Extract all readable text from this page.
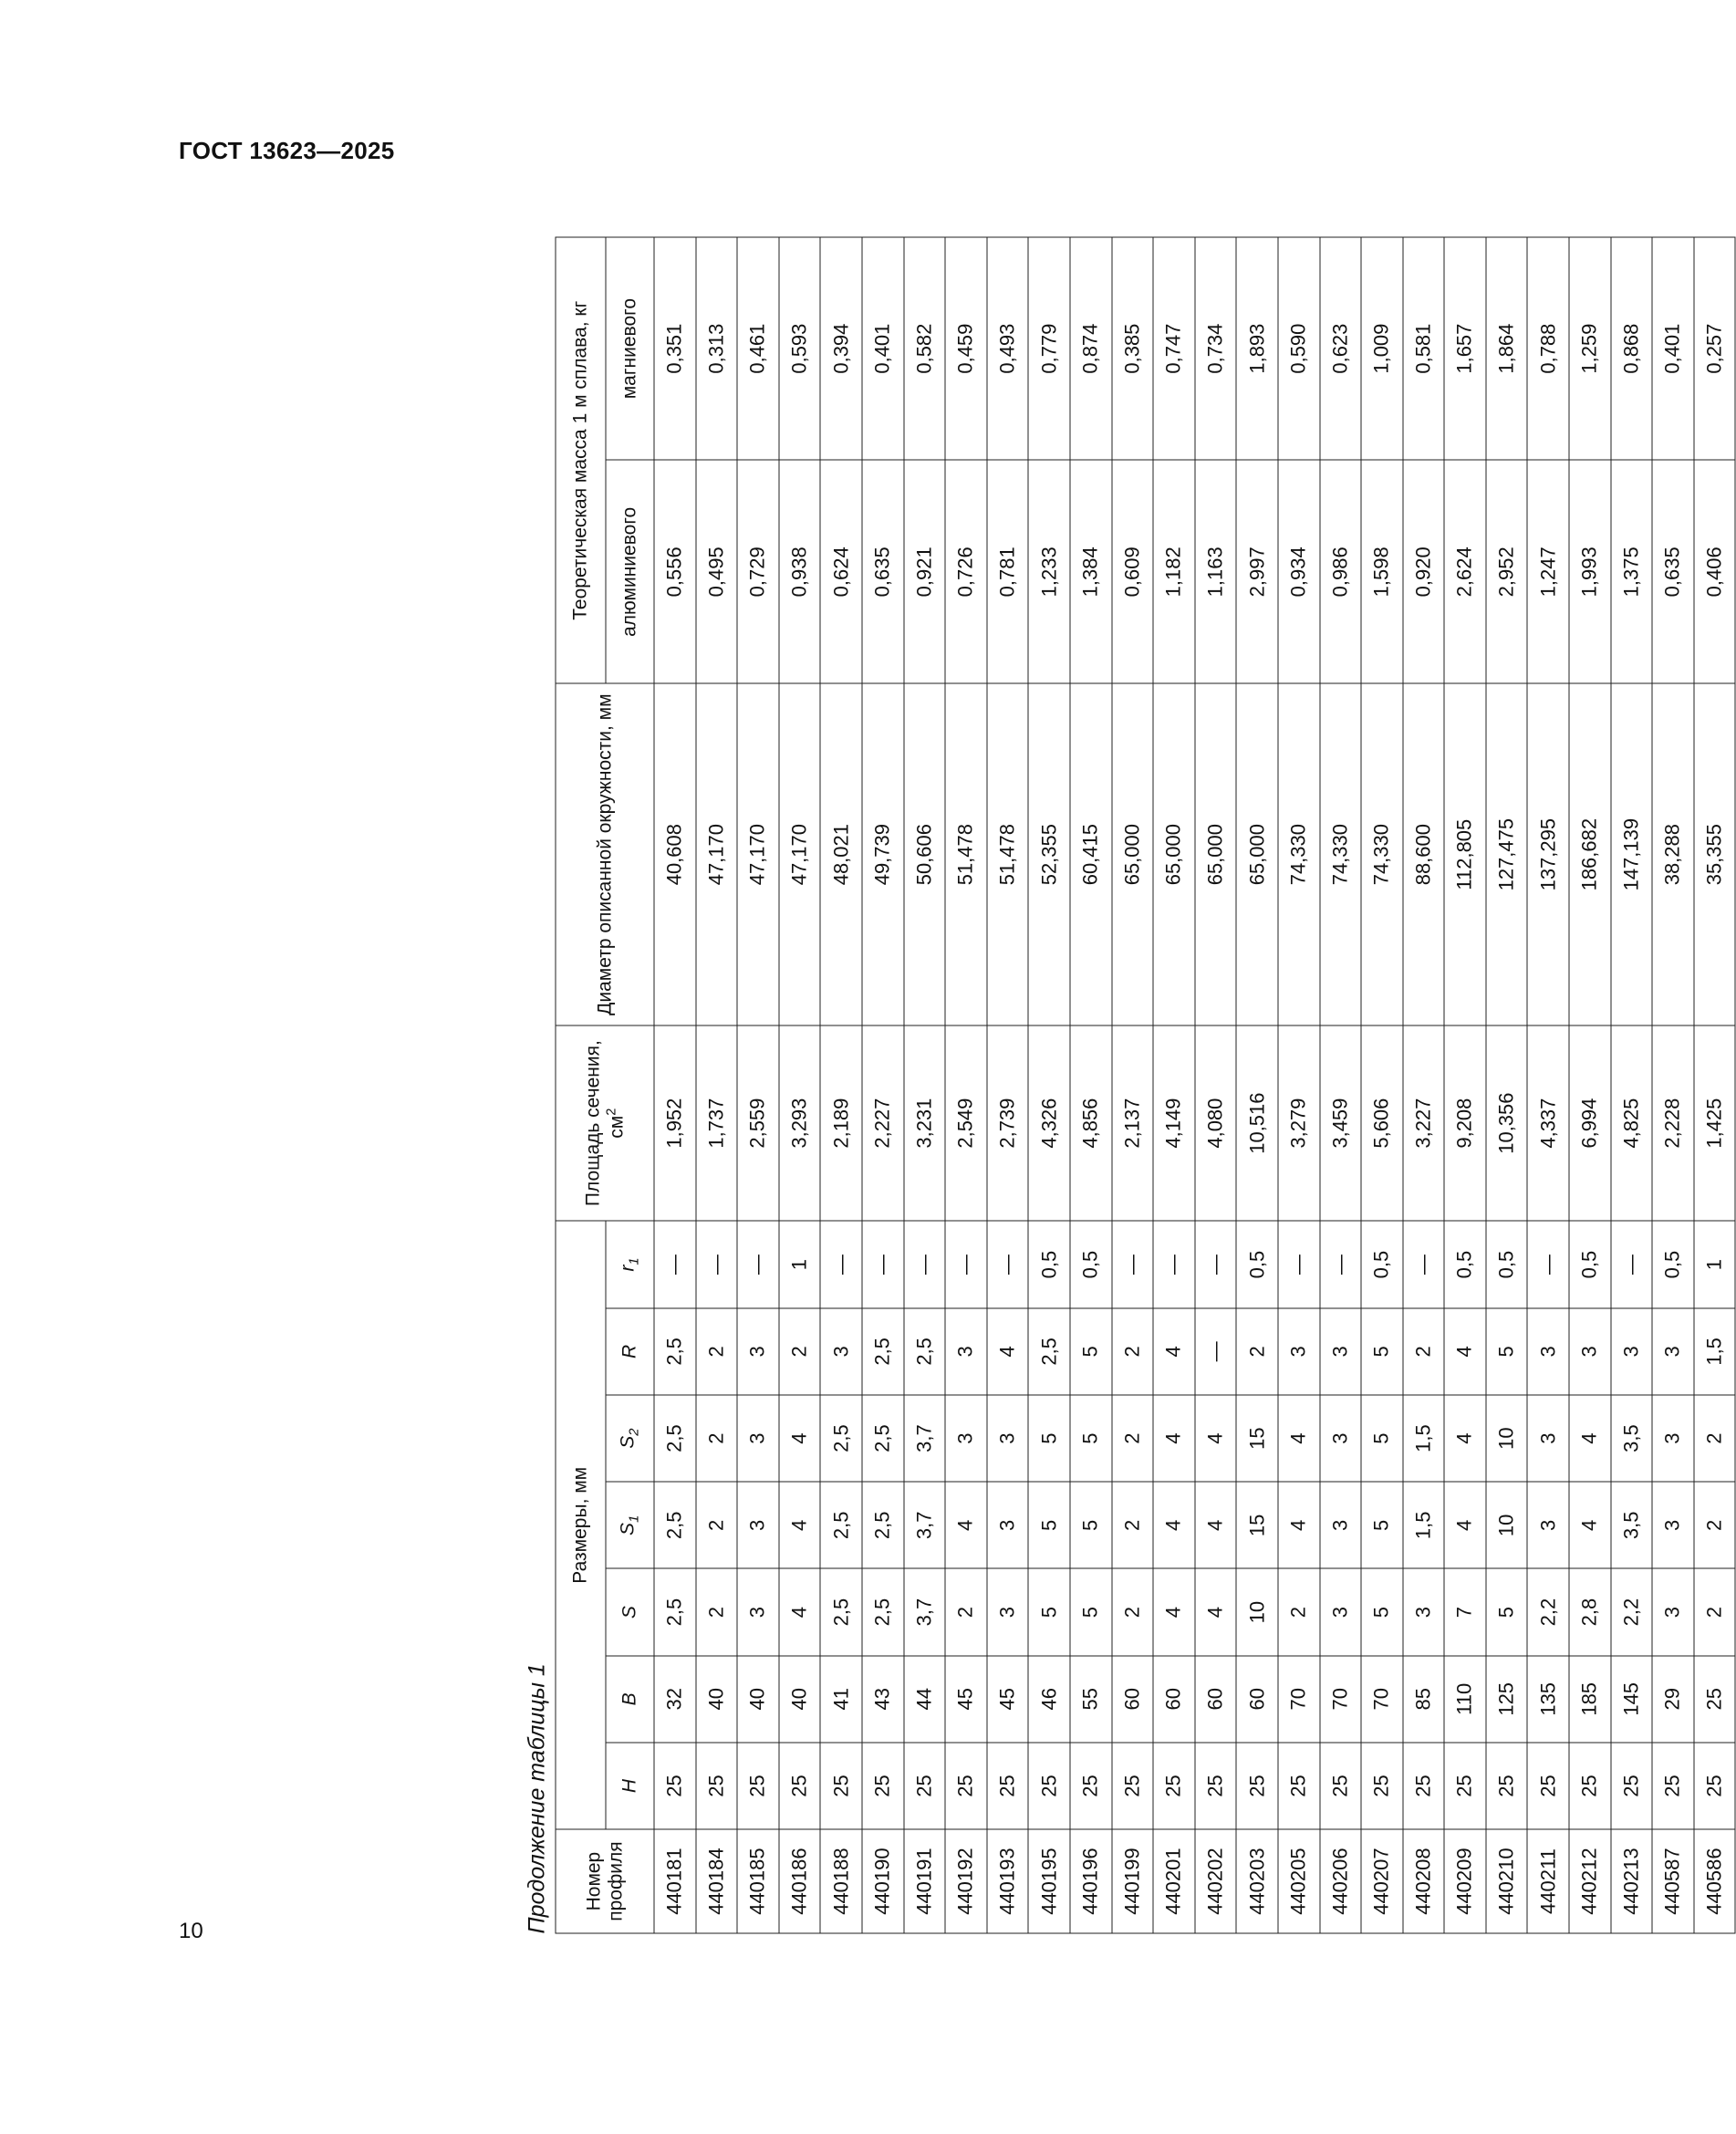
ГОСТ 13623—2025
Продолжение таблицы 1 Номер профиля	Размеры, мм							Площадь сечения, $см^2$	Диаметр описанной окружности, мм	Теоретическая масса 1 м сплава, кг	
	H	B	S	$S_1$	$S_2$	R	$r_1$			алюминиевого	магниевого
440181	25	32	2,5	2,5	2,5	2,5	—	1,952	40,608	0,556	0,351
440184	25	40	2	2	2	2	—	1,737	47,170	0,495	0,313
440185	25	40	3	3	3	3	—	2,559	47,170	0,729	0,461
440186	25	40	4	4	4	2	1	3,293	47,170	0,938	0,593
440188	25	41	2,5	2,5	2,5	3	—	2,189	48,021	0,624	0,394
440190	25	43	2,5	2,5	2,5	2,5	—	2,227	49,739	0,635	0,401
440191	25	44	3,7	3,7	3,7	2,5	—	3,231	50,606	0,921	0,582
440192	25	45	2	4	3	3	—	2,549	51,478	0,726	0,459
440193	25	45	3	3	3	4	—	2,739	51,478	0,781	0,493
440195	25	46	5	5	5	2,5	0,5	4,326	52,355	1,233	0,779
440196	25	55	5	5	5	5	0,5	4,856	60,415	1,384	0,874
440199	25	60	2	2	2	2	—	2,137	65,000	0,609	0,385
440201	25	60	4	4	4	4	—	4,149	65,000	1,182	0,747
440202	25	60	4	4	4	—	—	4,080	65,000	1,163	0,734
440203	25	60	10	15	15	2	0,5	10,516	65,000	2,997	1,893
440205	25	70	2	4	4	3	—	3,279	74,330	0,934	0,590
440206	25	70	3	3	3	3	—	3,459	74,330	0,986	0,623
440207	25	70	5	5	5	5	0,5	5,606	74,330	1,598	1,009
440208	25	85	3	1,5	1,5	2	—	3,227	88,600	0,920	0,581
440209	25	110	7	4	4	4	0,5	9,208	112,805	2,624	1,657
440210	25	125	5	10	10	5	0,5	10,356	127,475	2,952	1,864
440211	25	135	2,2	3	3	3	—	4,337	137,295	1,247	0,788
440212	25	185	2,8	4	4	3	0,5	6,994	186,682	1,993	1,259
440213	25	145	2,2	3,5	3,5	3	—	4,825	147,139	1,375	0,868
440587	25	29	3	3	3	3	0,5	2,228	38,288	0,635	0,401
440586	25	25	2	2	2	1,5	1	1,425	35,355	0,406	0,257
10
